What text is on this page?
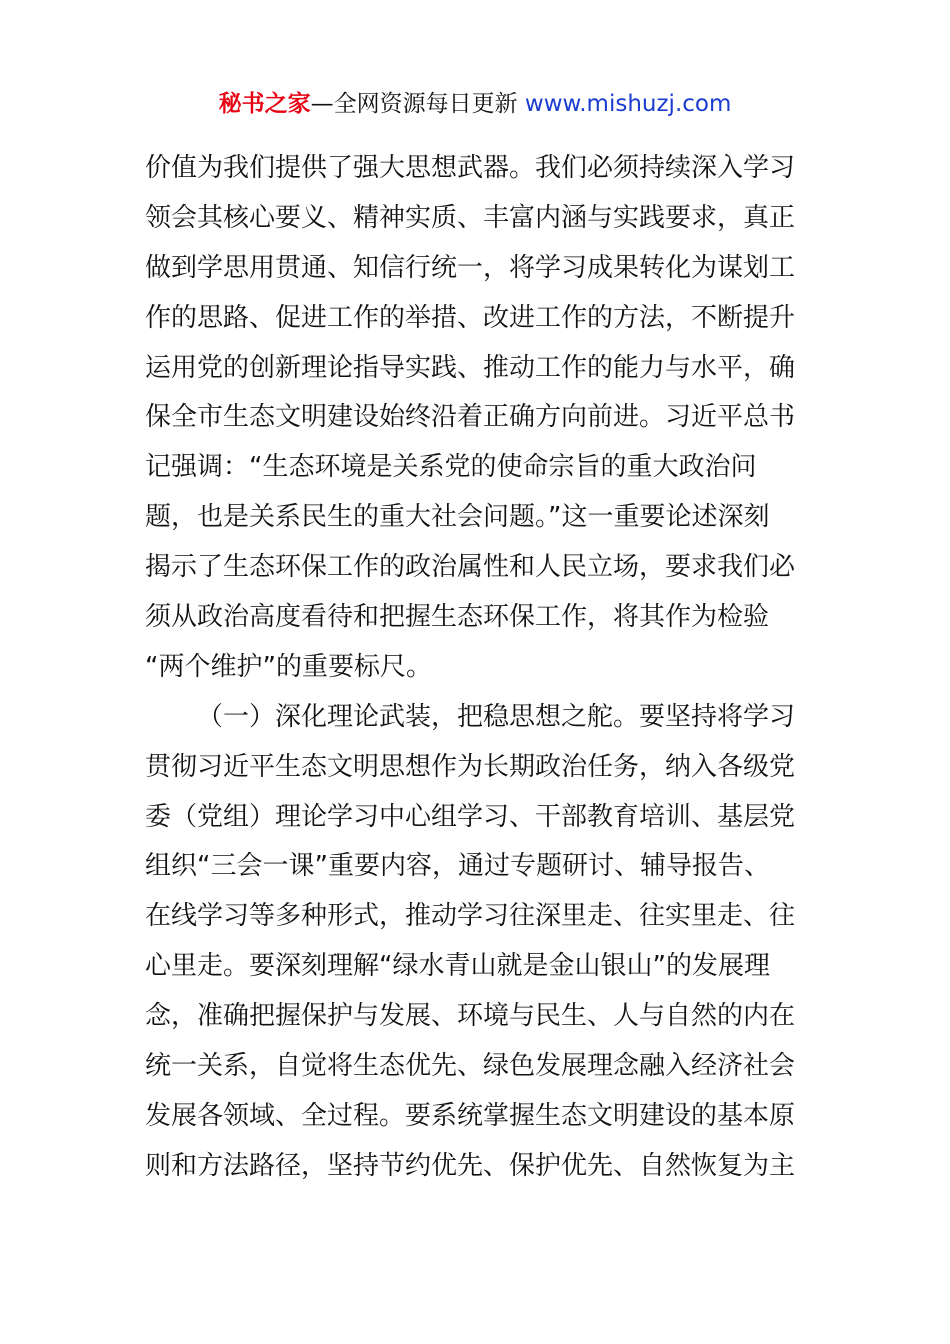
秘书之家—全网资源每日更新 www.mishuzj.com
价值为我们提供了强大思想武器。我们必须持续深入学习
领会其核心要义、精神实质、丰富内涵与实践要求，真正
做到学思用贯通、知信行统一，将学习成果转化为谋划工
作的思路、促进工作的举措、改进工作的方法，不断提升
运用党的创新理论指导实践、推动工作的能力与水平，确
保全市生态文明建设始终沿着正确方向前进。习近平总书
记强调：“生态环境是关系党的使命宗旨的重大政治问
题，也是关系民生的重大社会问题。”这一重要论述深刻
揭示了生态环保工作的政治属性和人民立场，要求我们必
须从政治高度看待和把握生态环保工作，将其作为检验
“两个维护”的重要标尺。
（一）深化理论武装，把稳思想之舵。要坚持将学习
贯彻习近平生态文明思想作为长期政治任务，纳入各级党
委（党组）理论学习中心组学习、干部教育培训、基层党
组织“三会一课”重要内容，通过专题研讨、辅导报告、
在线学习等多种形式，推动学习往深里走、往实里走、往
心里走。要深刻理解“绿水青山就是金山银山”的发展理
念，准确把握保护与发展、环境与民生、人与自然的内在
统一关系，自觉将生态优先、绿色发展理念融入经济社会
发展各领域、全过程。要系统掌握生态文明建设的基本原
则和方法路径，坚持节约优先、保护优先、自然恢复为主
